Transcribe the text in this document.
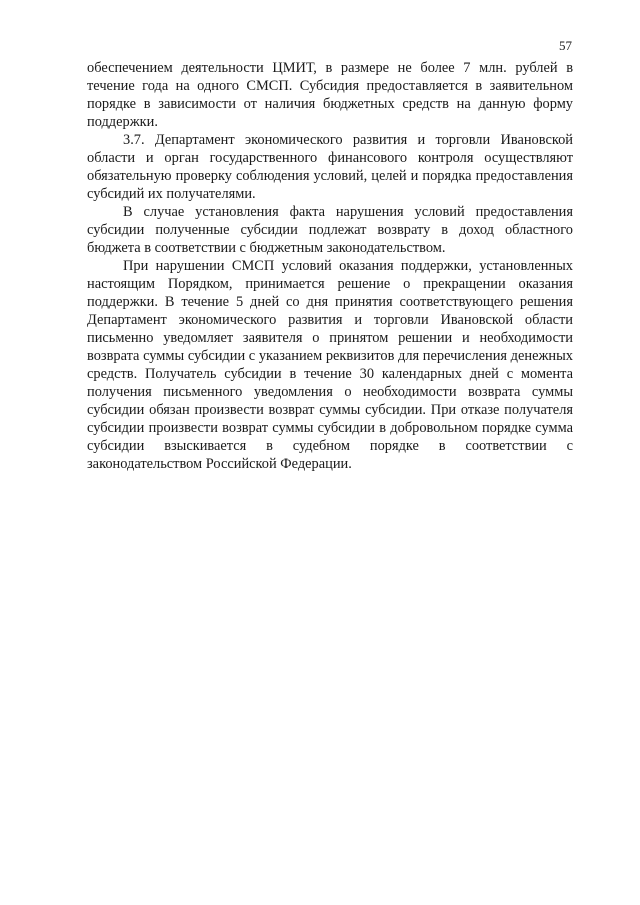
57

обеспечением деятельности ЦМИТ, в размере не более 7 млн. рублей в течение года на одного СМСП. Субсидия предоставляется в заявительном порядке в зависимости от наличия бюджетных средств на данную форму поддержки.

3.7. Департамент экономического развития и торговли Ивановской области и орган государственного финансового контроля осуществляют обязательную проверку соблюдения условий, целей и порядка предоставления субсидий их получателями.

В случае установления факта нарушения условий предоставления субсидии полученные субсидии подлежат возврату в доход областного бюджета в соответствии с бюджетным законодательством.

При нарушении СМСП условий оказания поддержки, установленных настоящим Порядком, принимается решение о прекращении оказания поддержки. В течение 5 дней со дня принятия соответствующего решения Департамент экономического развития и торговли Ивановской области письменно уведомляет заявителя о принятом решении и необходимости возврата суммы субсидии с указанием реквизитов для перечисления денежных средств. Получатель субсидии в течение 30 календарных дней с момента получения письменного уведомления о необходимости возврата суммы субсидии обязан произвести возврат суммы субсидии. При отказе получателя субсидии произвести возврат суммы субсидии в добровольном порядке сумма субсидии взыскивается в судебном порядке в соответствии с законодательством Российской Федерации.
